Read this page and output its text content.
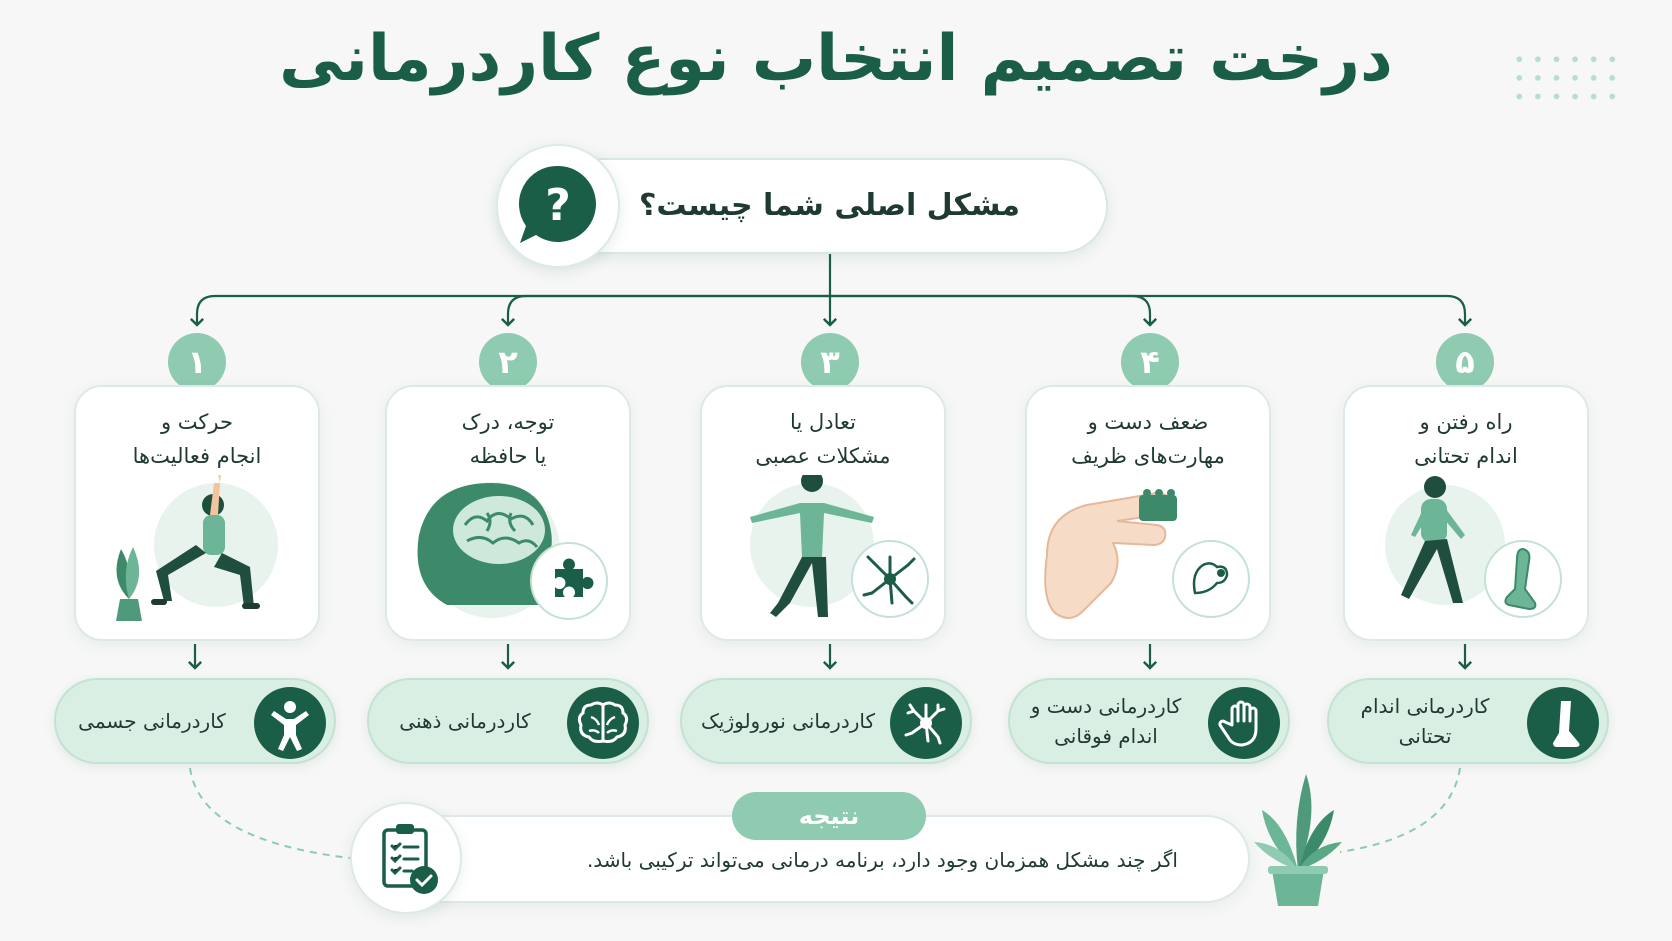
درخت تصمیم انتخاب نوع کاردرمانی
? مشکل اصلی شما چیست؟
۱	۲	۳	۴	۵
حرکت و
انجام فعالیت‌ها
توجه، درک
یا حافظه
تعادل یا
مشکلات عصبی
ضعف دست و
مهارت‌های ظریف
راه رفتن و
اندام تحتانی
کاردرمانی جسمی	کاردرمانی ذهنی	کاردرمانی نورولوژیک
کاردرمانی دست و اندام فوقانی
کاردرمانی اندام تحتانی
اگر چند مشکل همزمان وجود دارد، برنامه درمانی می‌تواند ترکیبی باشد.
نتیجه
